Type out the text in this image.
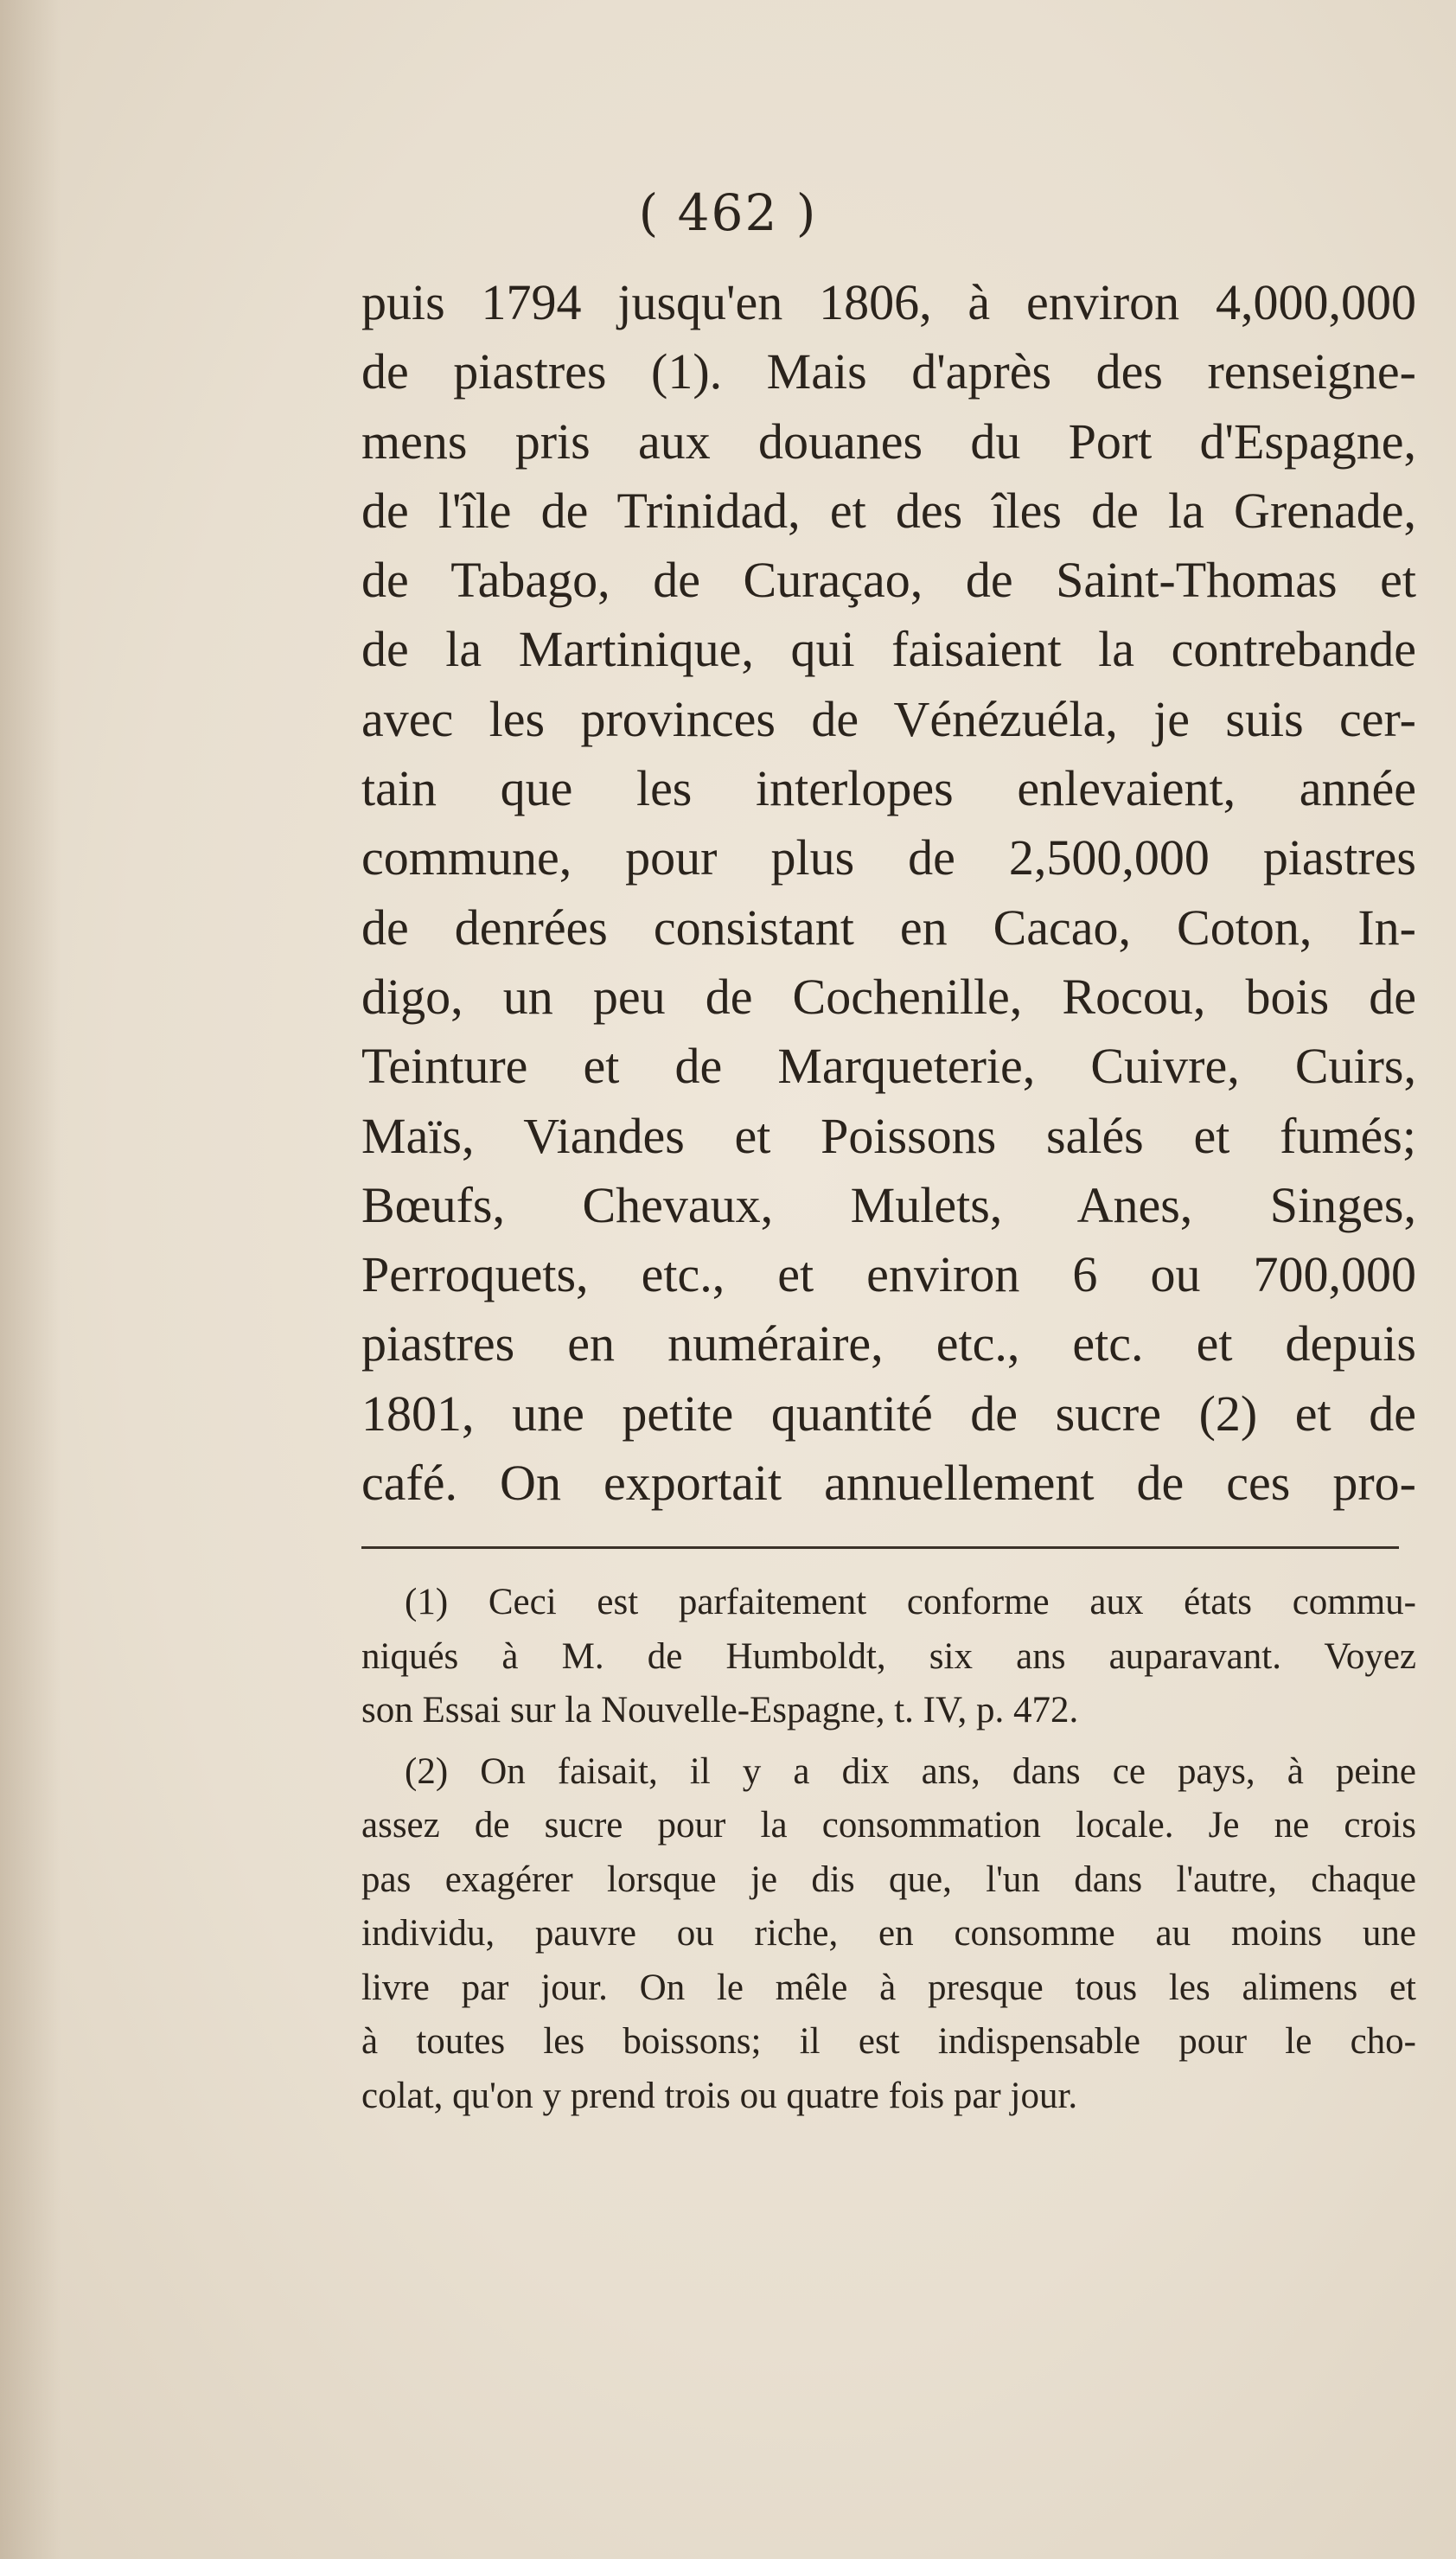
( 462 )
puis 1794 jusqu'en 1806, à environ 4,000,000
de piastres (1). Mais d'après des renseigne-
mens pris aux douanes du Port d'Espagne,
de l'île de Trinidad, et des îles de la Grenade,
de Tabago, de Curaçao, de Saint-Thomas et
de la Martinique, qui faisaient la contrebande
avec les provinces de Vénézuéla, je suis cer-
tain que les interlopes enlevaient, année
commune, pour plus de 2,500,000 piastres
de denrées consistant en Cacao, Coton, In-
digo, un peu de Cochenille, Rocou, bois de
Teinture et de Marqueterie, Cuivre, Cuirs,
Maïs, Viandes et Poissons salés et fumés;
Bœufs, Chevaux, Mulets, Anes, Singes,
Perroquets, etc., et environ 6 ou 700,000
piastres en numéraire, etc., etc. et depuis
1801, une petite quantité de sucre (2) et de
café. On exportait annuellement de ces pro-
(1) Ceci est parfaitement conforme aux états commu-
niqués à M. de Humboldt, six ans auparavant. Voyez
son Essai sur la Nouvelle-Espagne, t. IV, p. 472.
(2) On faisait, il y a dix ans, dans ce pays, à peine
assez de sucre pour la consommation locale. Je ne crois
pas exagérer lorsque je dis que, l'un dans l'autre, chaque
individu, pauvre ou riche, en consomme au moins une
livre par jour. On le mêle à presque tous les alimens et
à toutes les boissons; il est indispensable pour le cho-
colat, qu'on y prend trois ou quatre fois par jour.
